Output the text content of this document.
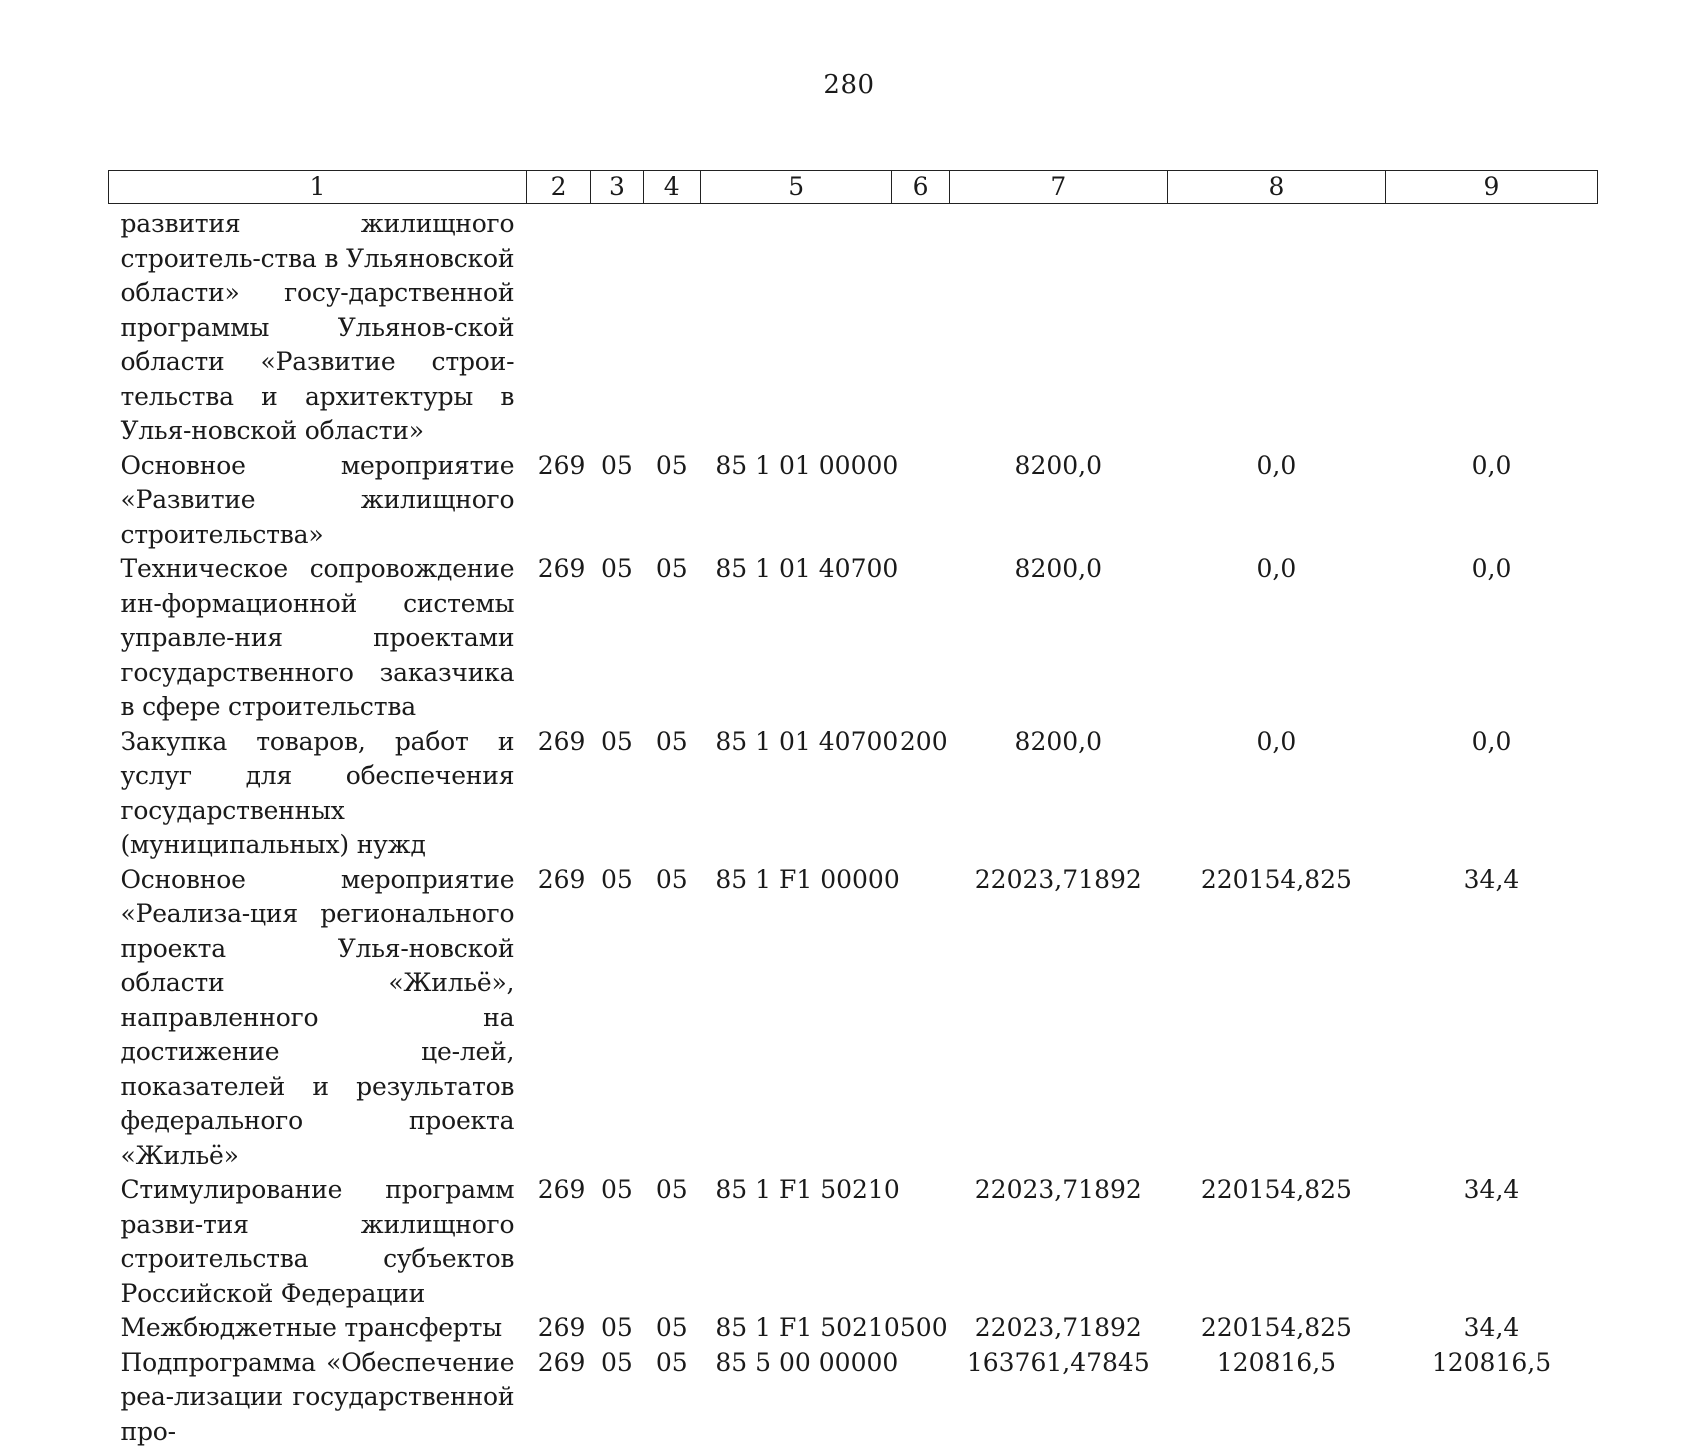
280
1	2	3	4	5	6	7	8	9
развития жилищного строитель-ства в Ульяновской области» госу-дарственной программы Ульянов-ской области «Развитие строи-тельства и архитектуры в Улья-новской области»								
Основное мероприятие «Развитие жилищного строительства»	269	05	05	85 1 01 00000		8200,0	0,0	0,0
Техническое сопровождение ин-формационной системы управле-ния проектами государственного заказчика в сфере строительства	269	05	05	85 1 01 40700		8200,0	0,0	0,0
Закупка товаров, работ и услуг для обеспечения государственных (муниципальных) нужд	269	05	05	85 1 01 40700	200	8200,0	0,0	0,0
Основное мероприятие «Реализа-ция регионального проекта Улья-новской области «Жильё», направленного на достижение це-лей, показателей и результатов федерального проекта «Жильё»	269	05	05	85 1 F1 00000		22023,71892	220154,825	34,4
Стимулирование программ разви-тия жилищного строительства субъектов Российской Федерации	269	05	05	85 1 F1 50210		22023,71892	220154,825	34,4
Межбюджетные трансферты	269	05	05	85 1 F1 50210	500	22023,71892	220154,825	34,4
Подпрограмма «Обеспечение реа-лизации государственной про-	269	05	05	85 5 00 00000		163761,47845	120816,5	120816,5
